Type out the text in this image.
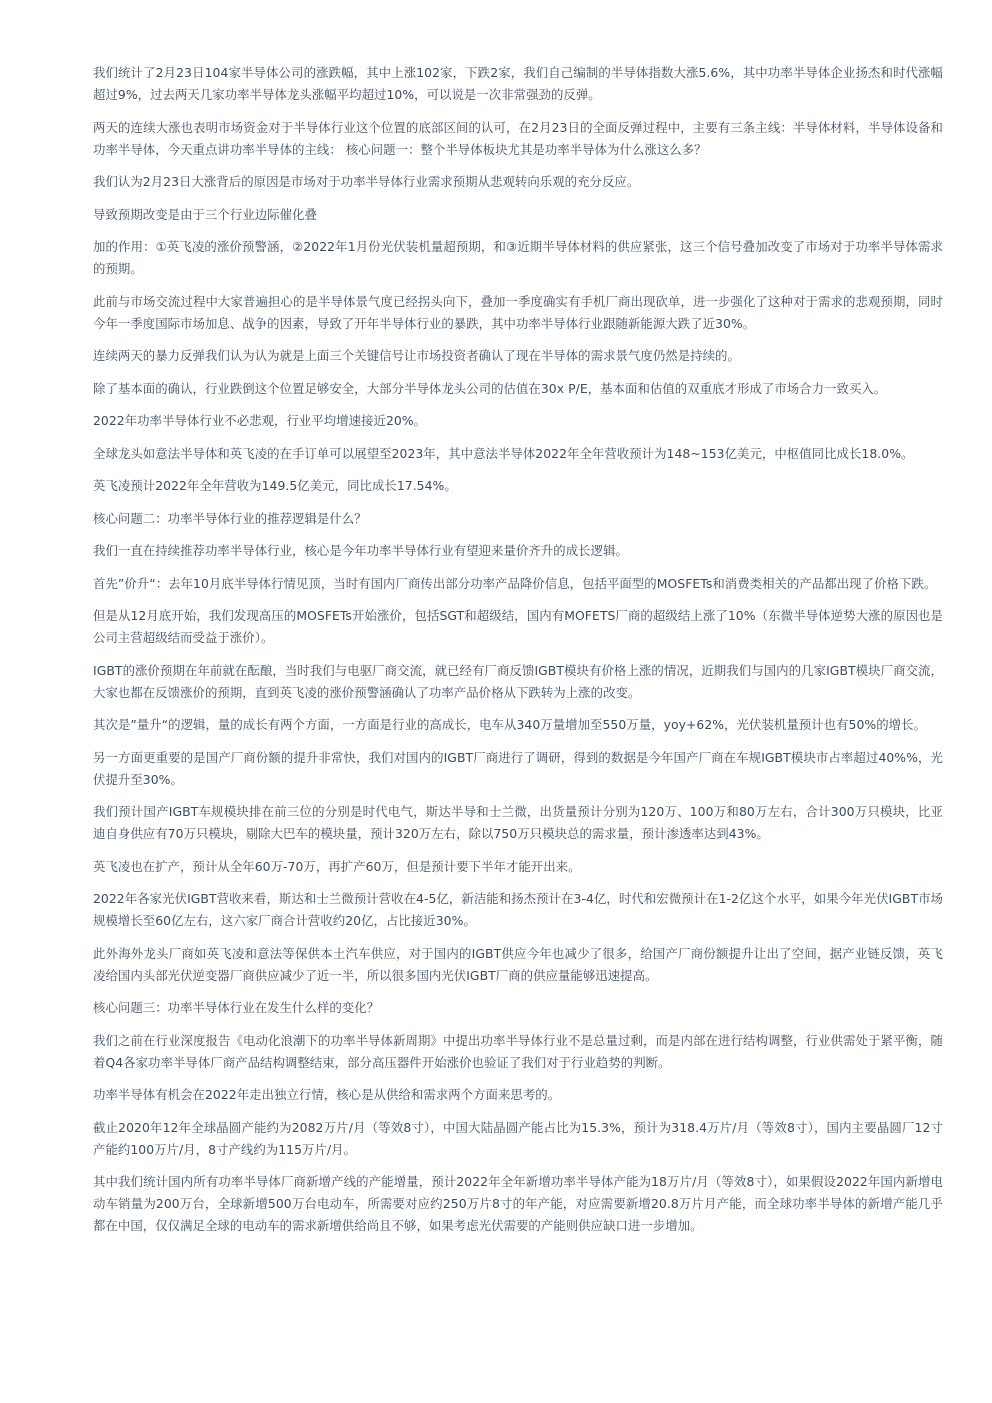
我们统计了2月23日104家半导体公司的涨跌幅，其中上涨102家，下跌2家，我们自己编制的半导体指数大涨5.6%，其中功率半导体企业扬杰和时代涨幅超过9%，过去两天几家功率半导体龙头涨幅平均超过10%，可以说是一次非常强劲的反弹。

两天的连续大涨也表明市场资金对于半导体行业这个位置的底部区间的认可，在2月23日的全面反弹过程中，主要有三条主线：半导体材料，半导体设备和功率半导体，今天重点讲功率半导体的主线： 核心问题一：整个半导体板块尤其是功率半导体为什么涨这么多？

我们认为2月23日大涨背后的原因是市场对于功率半导体行业需求预期从悲观转向乐观的充分反应。

导致预期改变是由于三个行业边际催化叠

加的作用：①英飞凌的涨价预警涵，②2022年1月份光伏装机量超预期，和③近期半导体材料的供应紧张，这三个信号叠加改变了市场对于功率半导体需求的预期。

此前与市场交流过程中大家普遍担心的是半导体景气度已经拐头向下，叠加一季度确实有手机厂商出现砍单，进一步强化了这种对于需求的悲观预期，同时今年一季度国际市场加息、战争的因素，导致了开年半导体行业的暴跌，其中功率半导体行业跟随新能源大跌了近30%。

连续两天的暴力反弹我们认为认为就是上面三个关键信号让市场投资者确认了现在半导体的需求景气度仍然是持续的。

除了基本面的确认，行业跌倒这个位置足够安全，大部分半导体龙头公司的估值在30x P/E，基本面和估值的双重底才形成了市场合力一致买入。

2022年功率半导体行业不必悲观，行业平均增速接近20%。

全球龙头如意法半导体和英飞凌的在手订单可以展望至2023年，其中意法半导体2022年全年营收预计为148~153亿美元，中枢值同比成长18.0%。

英飞凌预计2022年全年营收为149.5亿美元，同比成长17.54%。

核心问题二：功率半导体行业的推荐逻辑是什么？

我们一直在持续推荐功率半导体行业，核心是今年功率半导体行业有望迎来量价齐升的成长逻辑。

首先”价升“：去年10月底半导体行情见顶，当时有国内厂商传出部分功率产品降价信息，包括平面型的MOSFETs和消费类相关的产品都出现了价格下跌。

但是从12月底开始，我们发现高压的MOSFETs开始涨价，包括SGT和超级结，国内有MOFETS厂商的超级结上涨了10%（东微半导体逆势大涨的原因也是公司主营超级结而受益于涨价）。

IGBT的涨价预期在年前就在酝酿，当时我们与电驱厂商交流，就已经有厂商反馈IGBT模块有价格上涨的情况，近期我们与国内的几家IGBT模块厂商交流，大家也都在反馈涨价的预期，直到英飞凌的涨价预警涵确认了功率产品价格从下跌转为上涨的改变。

其次是”量升“的逻辑，量的成长有两个方面，一方面是行业的高成长，电车从340万量增加至550万量，yoy+62%，光伏装机量预计也有50%的增长。

另一方面更重要的是国产厂商份额的提升非常快，我们对国内的IGBT厂商进行了调研，得到的数据是今年国产厂商在车规IGBT模块市占率超过40%%，光伏提升至30%。

我们预计国产IGBT车规模块排在前三位的分别是时代电气，斯达半导和士兰微，出货量预计分别为120万、100万和80万左右，合计300万只模块，比亚迪自身供应有70万只模块，剔除大巴车的模块量，预计320万左右，除以750万只模块总的需求量，预计渗透率达到43%。

英飞凌也在扩产，预计从全年60万-70万，再扩产60万，但是预计要下半年才能开出来。

2022年各家光伏IGBT营收来看，斯达和士兰微预计营收在4-5亿，新洁能和扬杰预计在3-4亿，时代和宏微预计在1-2亿这个水平，如果今年光伏IGBT市场规模增长至60亿左右，这六家厂商合计营收约20亿，占比接近30%。

此外海外龙头厂商如英飞凌和意法等保供本土汽车供应，对于国内的IGBT供应今年也减少了很多，给国产厂商份额提升让出了空间，据产业链反馈，英飞凌给国内头部光伏逆变器厂商供应减少了近一半，所以很多国内光伏IGBT厂商的供应量能够迅速提高。

核心问题三：功率半导体行业在发生什么样的变化？

我们之前在行业深度报告《电动化浪潮下的功率半导体新周期》中提出功率半导体行业不是总量过剩，而是内部在进行结构调整，行业供需处于紧平衡，随着Q4各家功率半导体厂商产品结构调整结束，部分高压器件开始涨价也验证了我们对于行业趋势的判断。

功率半导体有机会在2022年走出独立行情，核心是从供给和需求两个方面来思考的。

截止2020年12年全球晶圆产能约为2082万片/月（等效8寸），中国大陆晶圆产能占比为15.3%，预计为318.4万片/月（等效8寸），国内主要晶圆厂12寸产能约100万片/月，8寸产线约为115万片/月。

其中我们统计国内所有功率半导体厂商新增产线的产能增量，预计2022年全年新增功率半导体产能为18万片/月（等效8寸），如果假设2022年国内新增电动车销量为200万台，全球新增500万台电动车，所需要对应约250万片8寸的年产能，对应需要新增20.8万片月产能，而全球功率半导体的新增产能几乎都在中国，仅仅满足全球的电动车的需求新增供给尚且不够，如果考虑光伏需要的产能则供应缺口进一步增加。
